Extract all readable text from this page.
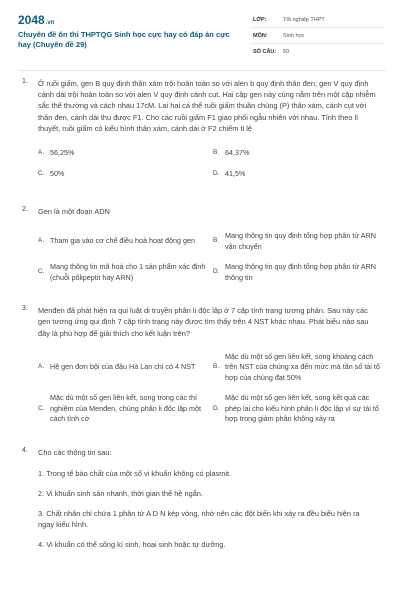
2048.vn
Chuyên đề ôn thi THPTQG Sinh học cực hay có đáp án cực hay (Chuyên đề 29)
LỚP:	Tốt nghiệp THPT
MÔN:	Sinh học
SỐ CÂU:	50
1. Ở ruồi giấm, gen B quy định thân xám trội hoàn toàn so với alen b quy định thân đen; gen V quy định cánh dài trội hoàn toàn so với alen V quy định cánh cụt. Hai cặp gen này cùng nằm trên một cặp nhiễm sắc thể thường và cách nhau 17cM. Lai hai cá thể ruồi giấm thuần chủng (P) thân xám, cánh cụt với thân đen, cánh dài thu được F1. Cho các ruồi giấm F1 giao phối ngẫu nhiên với nhau. Tính theo lí thuyết, ruồi giấm có kiểu hình thân xám, cánh dài ở F2 chiếm tỉ lệ
A. 56,25%	B. 64,37%
C. 50%	D. 41,5%
2. Gen là một đoạn ADN
A. Tham gia vào cơ chế điều hoà hoạt động gen	B.
Mang thông tin quy định tổng hợp phân tử ARN vận chuyển
C.
Mang thông tin mã hoá cho 1 sản phẩm xác định (chuỗi pôlipeptit hay ARN)
D.
Mang thông tin quy định tổng hợp phân tử ARN thông tin
3. Menđen đã phát hiện ra qui luật di truyền phân li độc lập ở 7 cặp tính trạng tương phản. Sau này các gen tương ứng qui định 7 cặp tính trạng này được tìm thấy trên 4 NST khác nhau. Phát biểu nào sau đây là phù hợp để giải thích cho kết luận trên?
A. Hệ gen đơn bội của đậu Hà Lan chỉ có 4 NST	B.
Mặc dù một số gen liên kết, song khoảng cách trên NST của chúng xa đến mức mà tần số tái tổ hợp của chúng đạt 50%
C.
Mặc dù một số gen liên kết, song trong các thí nghiệm của Menđen, chúng phân li độc lập một cách tình cờ
D.
Mặc dù một số gen liên kết, song kết quả các phép lai cho kiểu hình phân li độc lập vì sự tái tổ hợp trong giảm phân không xảy ra
4. Cho các thông tin sau:
1. Trong tế bào chất của một số vi khuẩn không có plasmit.
2. Vi khuẩn sinh sản nhanh, thời gian thế hệ ngắn.
3. Chất nhân chỉ chứa 1 phân tử A D N kép vòng, nhờ nên các đột biến khi xảy ra đều biểu hiện ra ngay kiểu hình.
4. Vi khuẩn có thể sống kí sinh, hoại sinh hoặc tự dưỡng.
